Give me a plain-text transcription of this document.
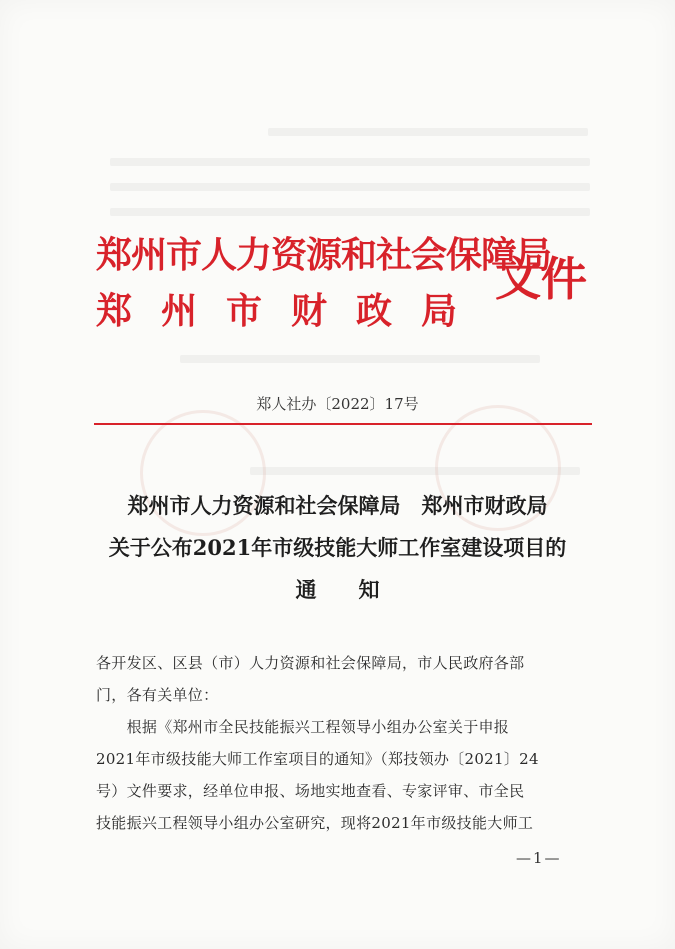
郑州市人力资源和社会保障局
郑州市财政局
文件
郑人社办〔2022〕17号
郑州市人力资源和社会保障局　郑州市财政局
关于公布2021年市级技能大师工作室建设项目的
通　　知
各开发区、区县（市）人力资源和社会保障局，市人民政府各部
门，各有关单位：
　　根据《郑州市全民技能振兴工程领导小组办公室关于申报
2021年市级技能大师工作室项目的通知》（郑技领办〔2021〕24
号）文件要求，经单位申报、场地实地查看、专家评审、市全民
技能振兴工程领导小组办公室研究，现将2021年市级技能大师工
—1—
